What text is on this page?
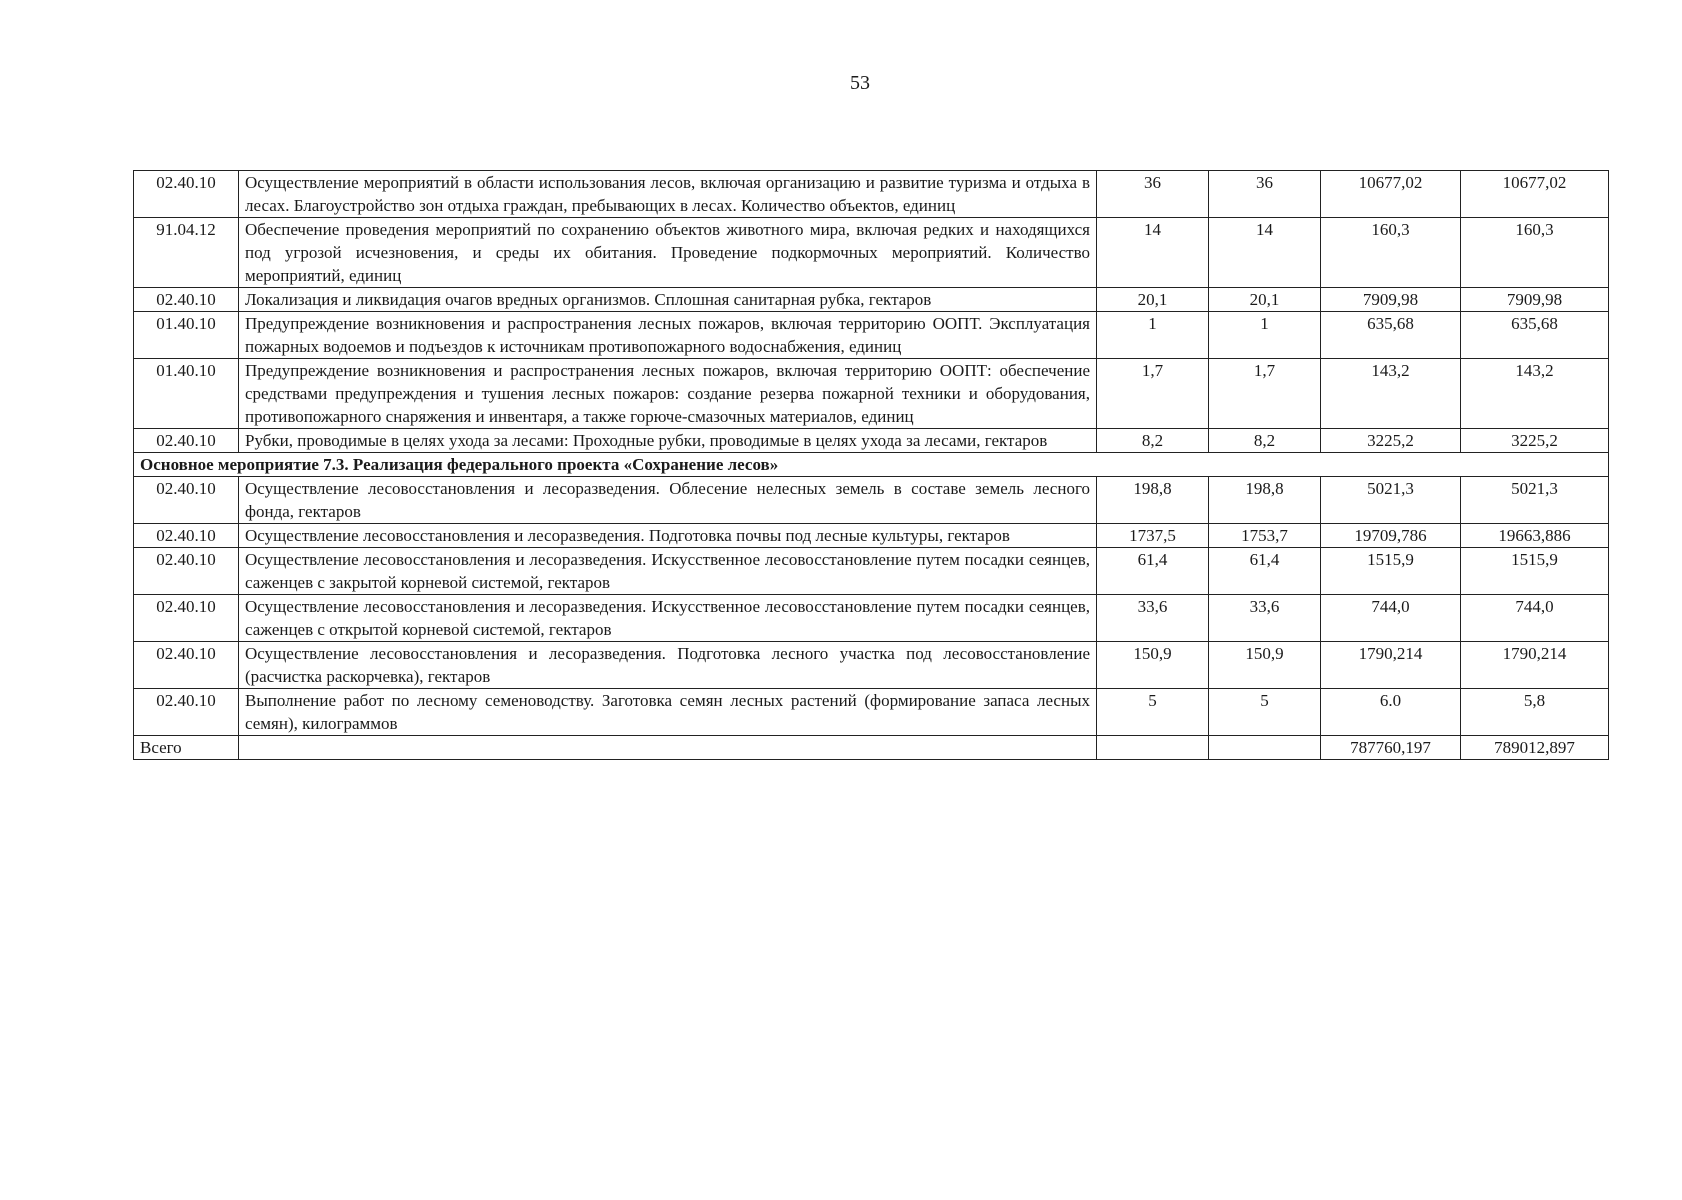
53
02.40.10	Осуществление мероприятий в области использования лесов, включая организацию и развитие туризма и отдыха в лесах. Благоустройство зон отдыха граждан, пребывающих в лесах. Количество объектов, единиц	36	36	10677,02	10677,02
91.04.12	Обеспечение проведения мероприятий по сохранению объектов животного мира, включая редких и находящихся под угрозой исчезновения, и среды их обитания. Проведение подкормочных мероприятий. Количество мероприятий, единиц	14	14	160,3	160,3
02.40.10	Локализация и ликвидация очагов вредных организмов. Сплошная санитарная рубка, гектаров	20,1	20,1	7909,98	7909,98
01.40.10	Предупреждение возникновения и распространения лесных пожаров, включая территорию ООПТ. Эксплуатация пожарных водоемов и подъездов к источникам противопожарного водоснабжения, единиц	1	1	635,68	635,68
01.40.10	Предупреждение возникновения и распространения лесных пожаров, включая территорию ООПТ: обеспечение средствами предупреждения и тушения лесных пожаров: создание резерва пожарной техники и оборудования, противопожарного снаряжения и инвентаря, а также горюче-смазочных материалов, единиц	1,7	1,7	143,2	143,2
02.40.10	Рубки, проводимые в целях ухода за лесами: Проходные рубки, проводимые в целях ухода за лесами, гектаров	8,2	8,2	3225,2	3225,2
Основное мероприятие 7.3. Реализация федерального проекта «Сохранение лесов»					
02.40.10	Осуществление лесовосстановления и лесоразведения. Облесение нелесных земель в составе земель лесного фонда, гектаров	198,8	198,8	5021,3	5021,3
02.40.10	Осуществление лесовосстановления и лесоразведения. Подготовка почвы под лесные культуры, гектаров	1737,5	1753,7	19709,786	19663,886
02.40.10	Осуществление лесовосстановления и лесоразведения. Искусственное лесовосстановление путем посадки сеянцев, саженцев с закрытой корневой системой, гектаров	61,4	61,4	1515,9	1515,9
02.40.10	Осуществление лесовосстановления и лесоразведения. Искусственное лесовосстановление путем посадки сеянцев, саженцев с открытой корневой системой, гектаров	33,6	33,6	744,0	744,0
02.40.10	Осуществление лесовосстановления и лесоразведения. Подготовка лесного участка под лесовосстановление (расчистка раскорчевка), гектаров	150,9	150,9	1790,214	1790,214
02.40.10	Выполнение работ по лесному семеноводству. Заготовка семян лесных растений (формирование запаса лесных семян), килограммов	5	5	6.0	5,8
Всего				787760,197	789012,897
